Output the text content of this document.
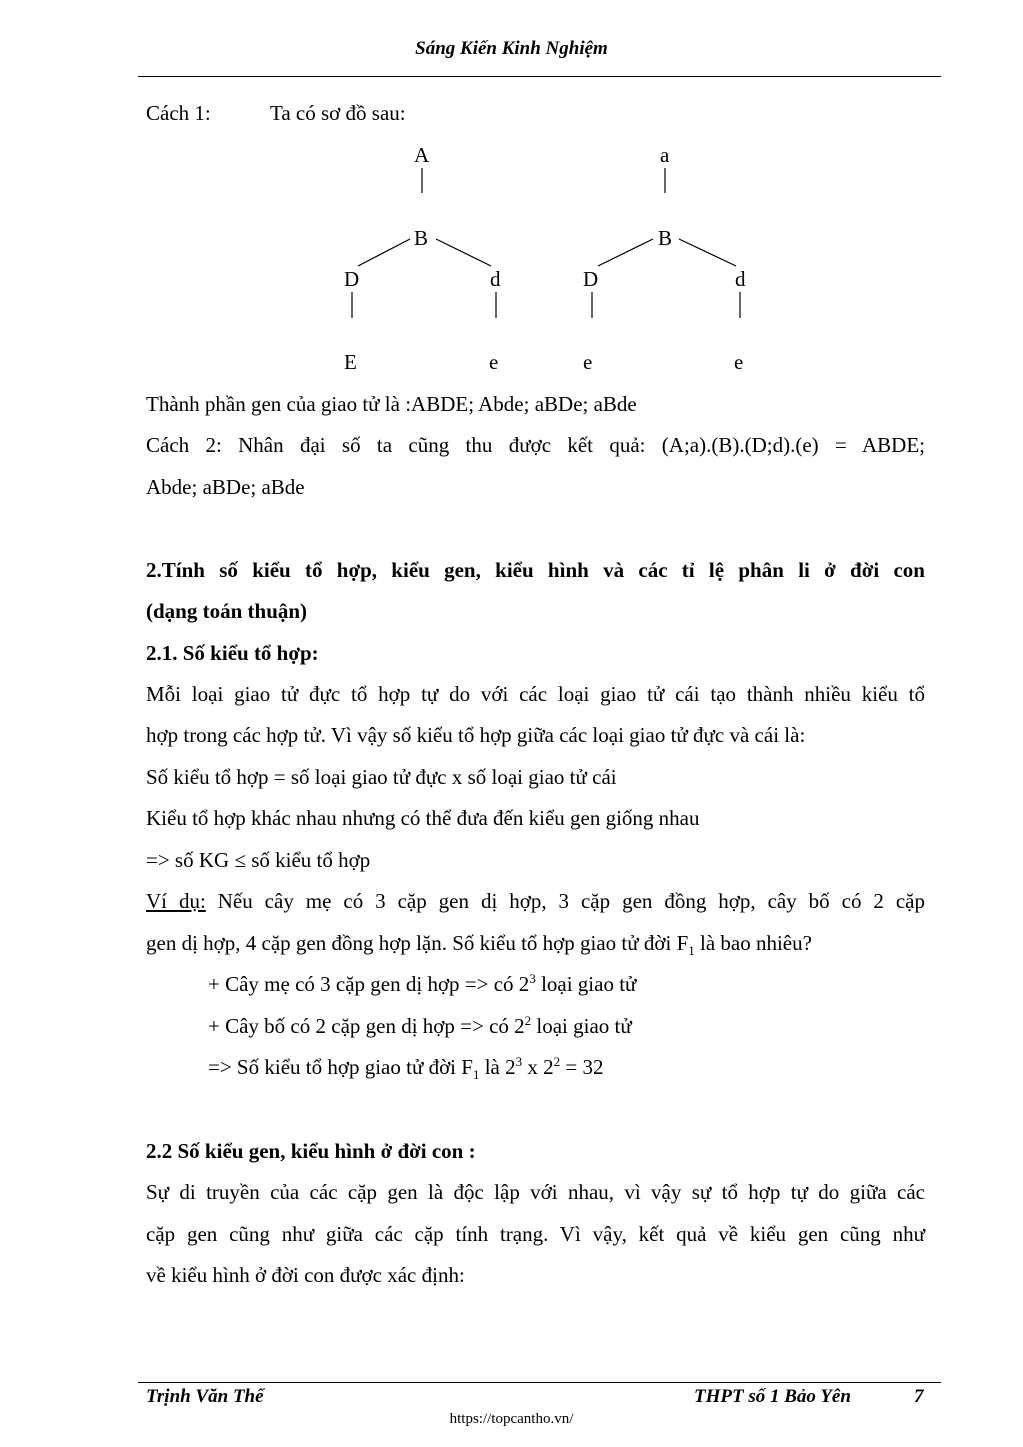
Sáng Kiến Kinh Nghiệm
Cách 1:	Ta có sơ đồ sau:
A	a
B	B
D	d	D	d
E	e	e	e
Thành phần gen của giao tử là :ABDE; Abde; aBDe; aBde
Cách 2: Nhân đại số ta cũng thu được kết quả: (A;a).(B).(D;d).(e) = ABDE;
Abde; aBDe; aBde
2.Tính số kiểu tổ hợp, kiểu gen, kiểu hình và các tỉ lệ phân li ở đời con
(dạng toán thuận)
2.1. Số kiểu tổ hợp:
Mỗi loại giao tử đực tổ hợp tự do với các loại giao tử cái tạo thành nhiều kiểu tổ
hợp trong các hợp tử. Vì vậy số kiểu tổ hợp giữa các loại giao tử đực và cái là:
Số kiểu tổ hợp = số loại giao tử đực x số loại giao tử cái
Kiểu tổ hợp khác nhau nhưng có thể đưa đến kiểu gen giống nhau
=> số KG ≤ số kiểu tổ hợp
Ví dụ: Nếu cây mẹ có 3 cặp gen dị hợp, 3 cặp gen đồng hợp, cây bố có 2 cặp
gen dị hợp, 4 cặp gen đồng hợp lặn. Số kiểu tổ hợp giao tử đời $F_1$ là bao nhiêu?
+ Cây mẹ có 3 cặp gen dị hợp => có $2^3$ loại giao tử
+ Cây bố có 2 cặp gen dị hợp => có $2^2$ loại giao tử
=> Số kiểu tổ hợp giao tử đời $F_1$ là $2^3$ x $2^2 = 32$
2.2 Số kiểu gen, kiểu hình ở đời con :
Sự di truyền của các cặp gen là độc lập với nhau, vì vậy sự tổ hợp tự do giữa các
cặp gen cũng như giữa các cặp tính trạng. Vì vậy, kết quả về kiểu gen cũng như
về kiểu hình ở đời con được xác định:
Trịnh Văn Thể	THPT số 1 Bảo Yên	7
https://topcantho.vn/
